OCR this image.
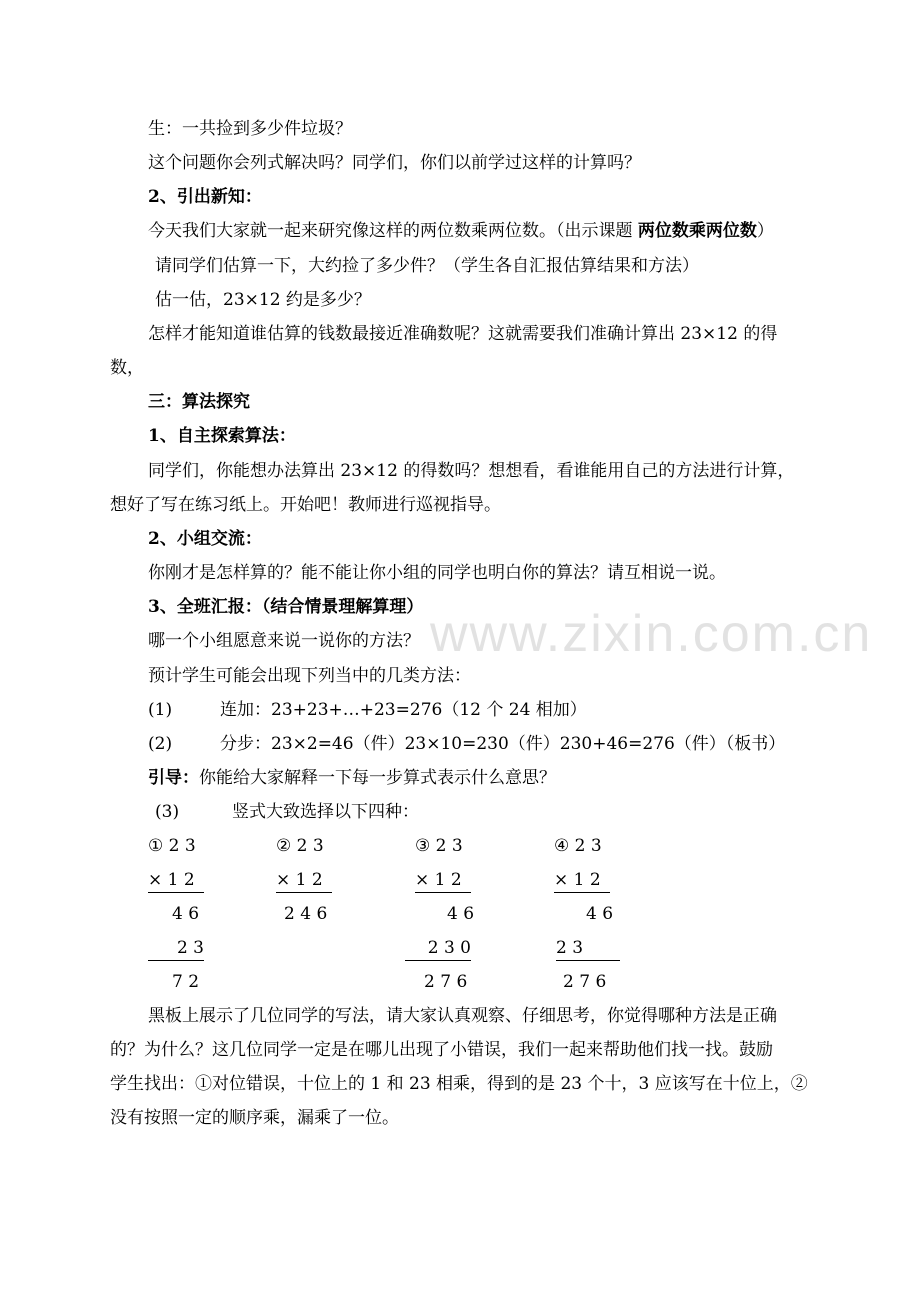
www.zixin.com.cn
生：一共捡到多少件垃圾？
这个问题你会列式解决吗？同学们，你们以前学过这样的计算吗？
2、引出新知：
今天我们大家就一起来研究像这样的两位数乘两位数。（出示课题 两位数乘两位数）
请同学们估算一下，大约捡了多少件？（学生各自汇报估算结果和方法）
估一估，23×12 约是多少？
怎样才能知道谁估算的钱数最接近准确数呢？这就需要我们准确计算出 23×12 的得
数，
三：算法探究
1、自主探索算法：
同学们，你能想办法算出 23×12 的得数吗？想想看，看谁能用自己的方法进行计算，
想好了写在练习纸上。开始吧！教师进行巡视指导。
2、小组交流：
你刚才是怎样算的？能不能让你小组的同学也明白你的算法？请互相说一说。
3、全班汇报：（结合情景理解算理）
哪一个小组愿意来说一说你的方法？
预计学生可能会出现下列当中的几类方法：
(1)	连加：23+23+…+23=276（12 个 24 相加）
(2)	分步：23×2=46（件）23×10=230（件）230+46=276（件）（板书）
引导：你能给大家解释一下每一步算式表示什么意思？
(3)	竖式大致选择以下四种：
① 2 3
× 1 2
4 6
2 3
7 2
② 2 3
× 1 2
2 4 6
③ 2 3
× 1 2
4 6
2 3 0
2 7 6
④ 2 3
× 1 2
4 6
2 3
2 7 6
黑板上展示了几位同学的写法，请大家认真观察、仔细思考，你觉得哪种方法是正确
的？为什么？这几位同学一定是在哪儿出现了小错误，我们一起来帮助他们找一找。鼓励
学生找出：①对位错误，十位上的 1 和 23 相乘，得到的是 23 个十，3 应该写在十位上，②
没有按照一定的顺序乘，漏乘了一位。
